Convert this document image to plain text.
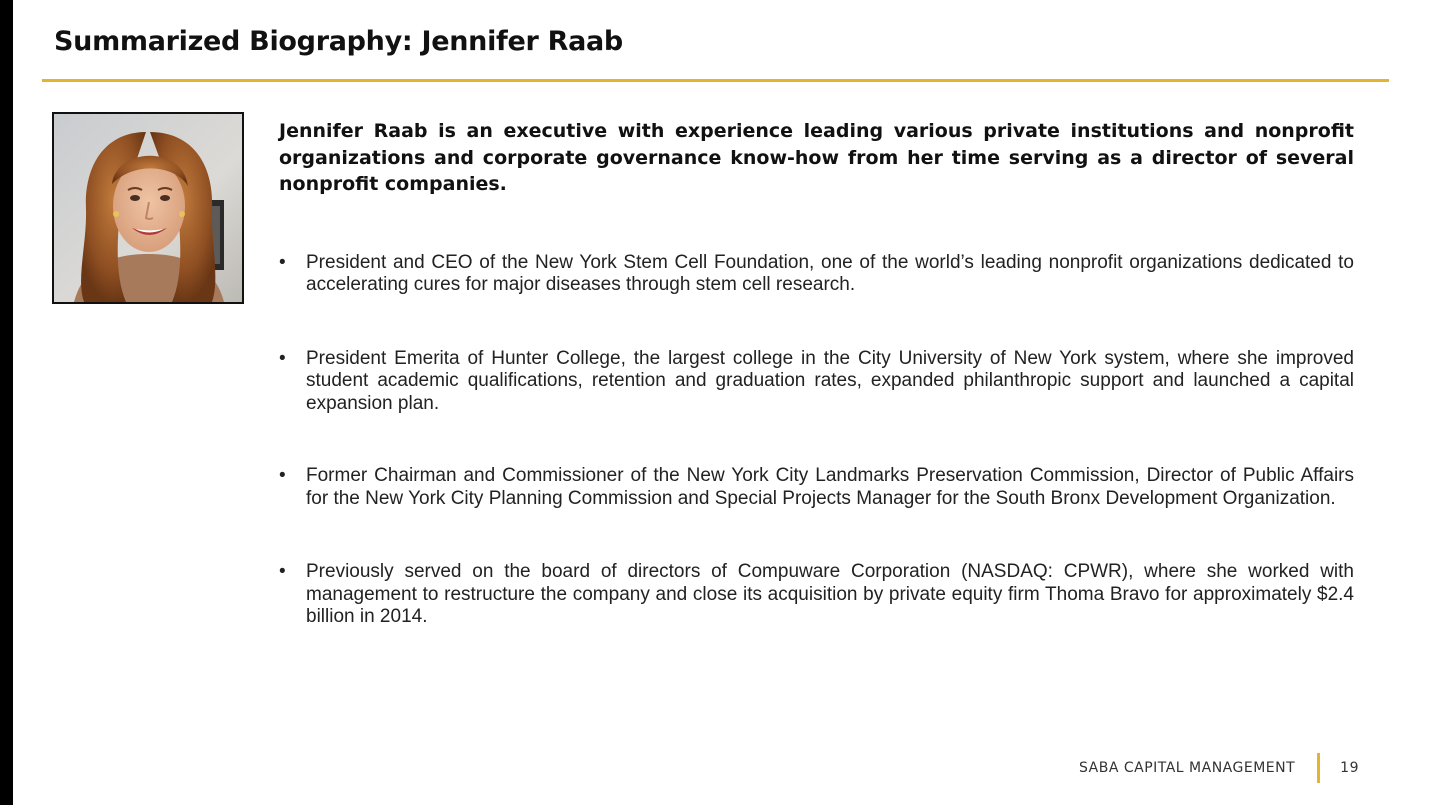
Summarized Biography: Jennifer Raab

Jennifer Raab is an executive with experience leading various private institutions and nonprofit organizations and corporate governance know-how from her time serving as a director of several nonprofit companies.

• President and CEO of the New York Stem Cell Foundation, one of the world’s leading nonprofit organizations dedicated to accelerating cures for major diseases through stem cell research.
• President Emerita of Hunter College, the largest college in the City University of New York system, where she improved student academic qualifications, retention and graduation rates, expanded philanthropic support and launched a capital expansion plan.
• Former Chairman and Commissioner of the New York City Landmarks Preservation Commission, Director of Public Affairs for the New York City Planning Commission and Special Projects Manager for the South Bronx Development Organization.
• Previously served on the board of directors of Compuware Corporation (NASDAQ: CPWR), where she worked with management to restructure the company and close its acquisition by private equity firm Thoma Bravo for approximately $2.4 billion in 2014.
SABA CAPITAL MANAGEMENT	19
